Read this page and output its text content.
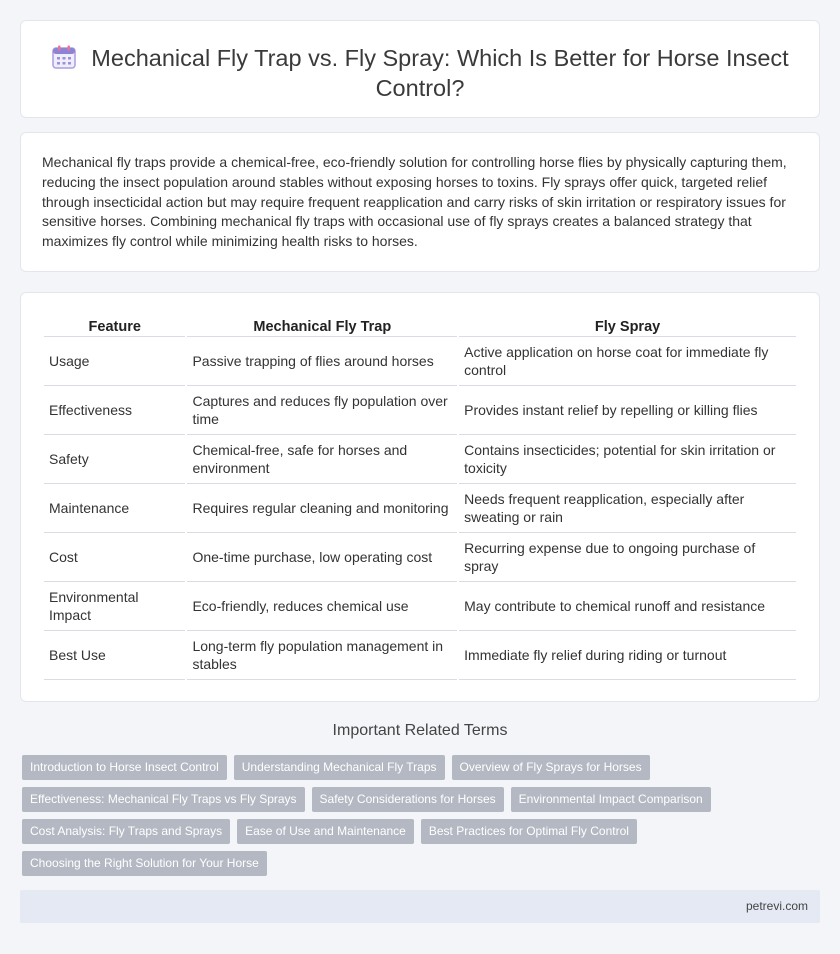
Mechanical Fly Trap vs. Fly Spray: Which Is Better for Horse Insect Control?

Mechanical fly traps provide a chemical-free, eco-friendly solution for controlling horse flies by physically capturing them, reducing the insect population around stables without exposing horses to toxins. Fly sprays offer quick, targeted relief through insecticidal action but may require frequent reapplication and carry risks of skin irritation or respiratory issues for sensitive horses. Combining mechanical fly traps with occasional use of fly sprays creates a balanced strategy that maximizes fly control while minimizing health risks to horses.

Feature	Mechanical Fly Trap	Fly Spray
Usage	Passive trapping of flies around horses	Active application on horse coat for immediate fly control
Effectiveness	Captures and reduces fly population over time	Provides instant relief by repelling or killing flies
Safety	Chemical-free, safe for horses and environment	Contains insecticides; potential for skin irritation or toxicity
Maintenance	Requires regular cleaning and monitoring	Needs frequent reapplication, especially after sweating or rain
Cost	One-time purchase, low operating cost	Recurring expense due to ongoing purchase of spray
Environmental Impact	Eco-friendly, reduces chemical use	May contribute to chemical runoff and resistance
Best Use	Long-term fly population management in stables	Immediate fly relief during riding or turnout
Important Related Terms
Introduction to Horse Insect Control	Understanding Mechanical Fly Traps	Overview of Fly Sprays for Horses
Effectiveness: Mechanical Fly Traps vs Fly Sprays	Safety Considerations for Horses	Environmental Impact Comparison
Cost Analysis: Fly Traps and Sprays	Ease of Use and Maintenance	Best Practices for Optimal Fly Control
Choosing the Right Solution for Your Horse
petrevi.com
